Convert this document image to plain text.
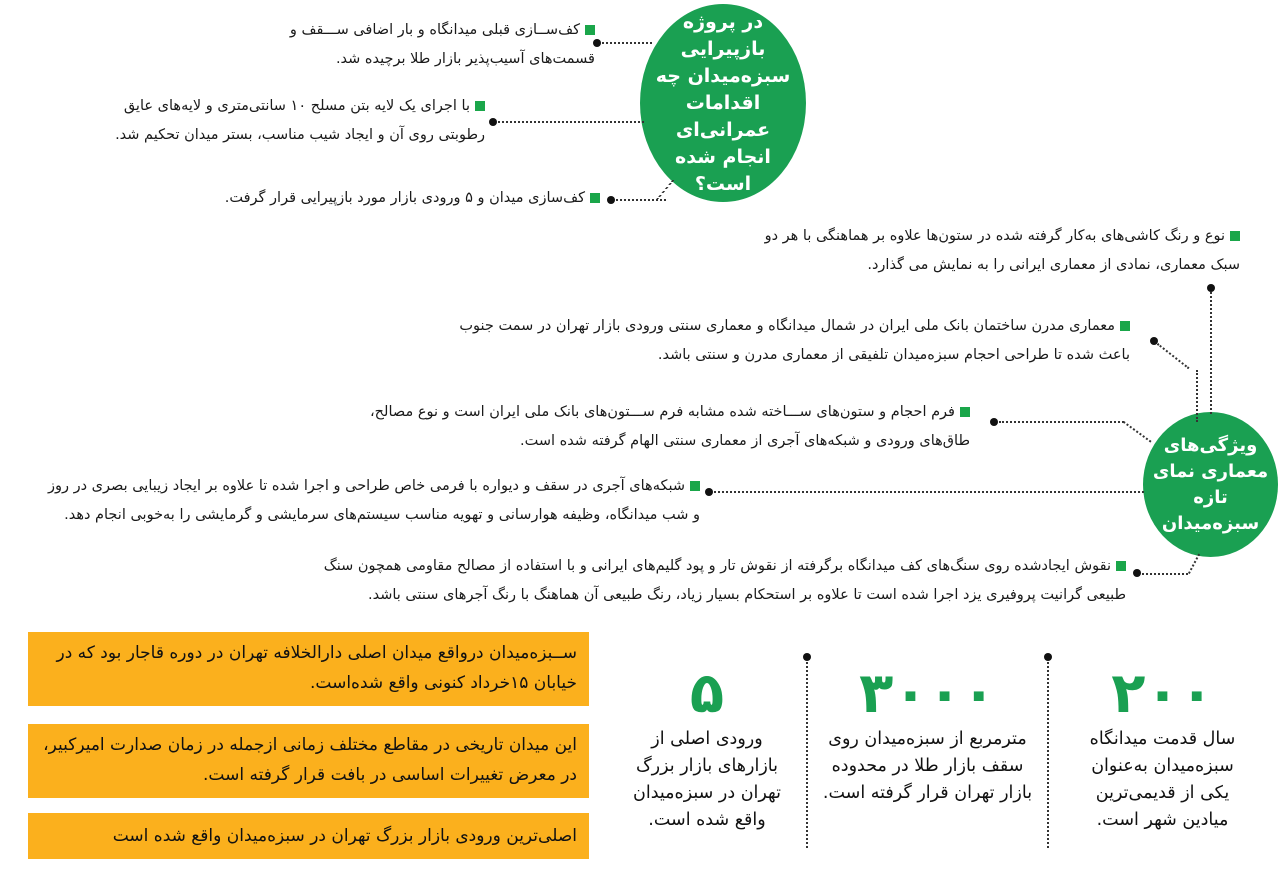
در پروژه بازپیرایی سبزه‌میدان چه اقدامات عمرانی‌ای انجام شده است؟
کف‌ســازی قبلی میدانگاه و بار اضافی ســـقف و
قسمت‌های آسیب‌پذیر بازار طلا برچیده شد.
با اجرای یک لایه بتن مسلح ۱۰ سانتی‌متری و لایه‌های عایق
رطوبتی روی آن و ایجاد شیب مناسب، بستر میدان تحکیم شد.
کف‌سازی میدان و ۵ ورودی بازار مورد بازپیرایی قرار گرفت.
ویژگی‌های معماری نمای تازه سبزه‌میدان
نوع و رنگ کاشی‌های به‌کار گرفته شده در ستون‌ها علاوه بر هماهنگی با هر دو
سبک معماری، نمادی از معماری ایرانی را به نمایش می گذارد.
معماری مدرن ساختمان بانک ملی ایران در شمال میدانگاه و معماری سنتی ورودی بازار تهران در سمت جنوب
باعث شده تا طراحی احجام سبزه‌میدان تلفیقی از معماری مدرن و سنتی باشد.
فرم احجام و ستون‌های ســـاخته شده مشابه فرم ســـتون‌های بانک ملی ایران است و نوع مصالح،
طاق‌های ورودی و شبکه‌های آجری از معماری سنتی الهام گرفته شده است.
شبکه‌های آجری در سقف و دیواره با فرمی خاص طراحی و اجرا شده تا علاوه بر ایجاد زیبایی بصری در روز
و شب میدانگاه، وظیفه هوارسانی و تهویه مناسب سیستم‌های سرمایشی و گرمایشی را به‌خوبی انجام دهد.
نقوش ایجادشده روی سنگ‌های کف میدانگاه برگرفته از نقوش تار و پود گلیم‌های ایرانی و با استفاده از مصالح مقاومی همچون سنگ
طبیعی گرانیت پروفیری یزد اجرا شده است تا علاوه بر استحکام بسیار زیاد، رنگ طبیعی آن هماهنگ با رنگ آجرهای سنتی باشد.
ســبزه‌میدان درواقع میدان اصلی دارالخلافه تهران در دوره قاجار بود که در خیابان ۱۵خرداد کنونی واقع شده‌است.
این میدان تاریخی در مقاطع مختلف زمانی ازجمله در زمان صدارت امیرکبیر، در معرض تغییرات اساسی در بافت قرار گرفته است.
اصلی‌ترین ورودی بازار بزرگ تهران در سبزه‌میدان واقع شده است
۲۰۰
سال قدمت میدانگاه سبزه‌میدان به‌عنوان یکی از قدیمی‌ترین میادین شهر است.
۳۰۰۰
مترمربع از سبزه‌میدان روی سقف بازار طلا در محدوده بازار تهران قرار گرفته است.
۵
ورودی اصلی از بازارهای بازار بزرگ تهران در سبزه‌میدان واقع شده است.
